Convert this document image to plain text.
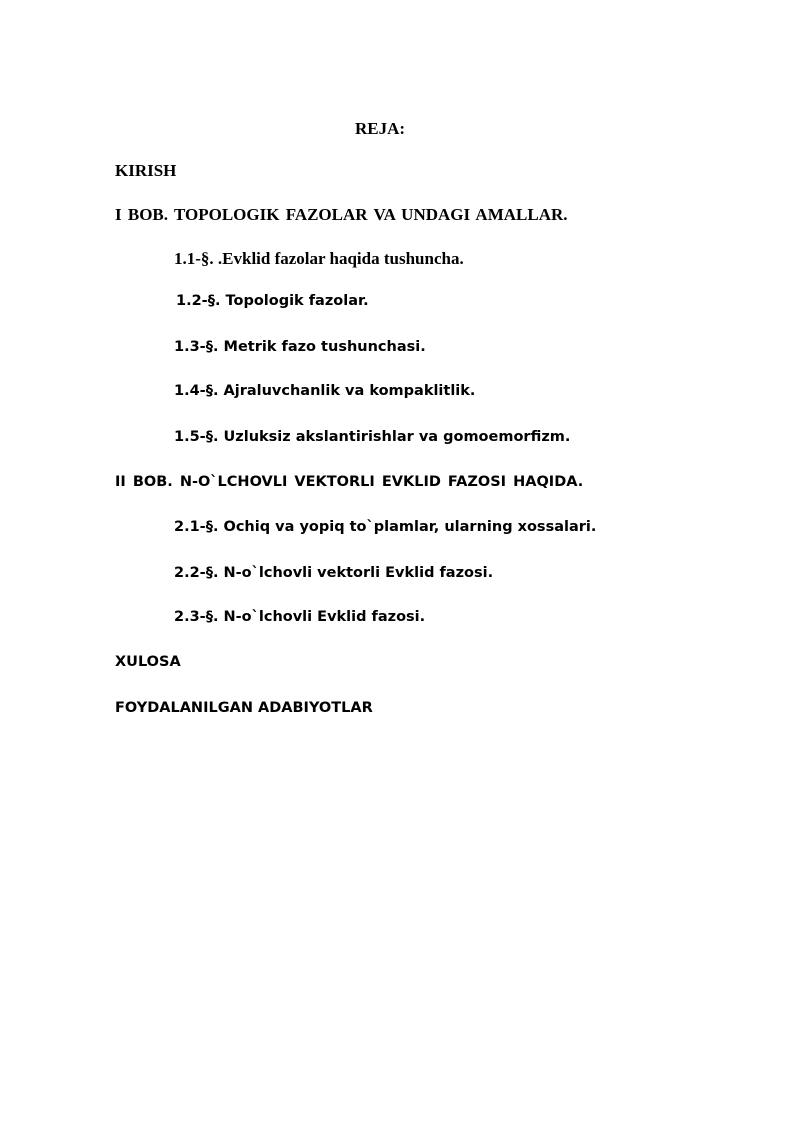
REJA:
KIRISH
I BOB. TOPOLOGIK FAZOLAR VA UNDAGI AMALLAR.
1.1-§. .Evklid fazolar haqida tushuncha.
1.2-§. Topologik fazolar.
1.3-§. Metrik fazo tushunchasi.
1.4-§. Ajraluvchanlik va kompaklitlik.
1.5-§. Uzluksiz akslantirishlar va gomoemorfizm.
II BOB. N-O`LCHOVLI VEKTORLI EVKLID FAZOSI HAQIDA.
2.1-§. Ochiq va yopiq to`plamlar, ularning xossalari.
2.2-§. N-o`lchovli vektorli Evklid fazosi.
2.3-§. N-o`lchovli Evklid fazosi.
XULOSA
FOYDALANILGAN ADABIYOTLAR
